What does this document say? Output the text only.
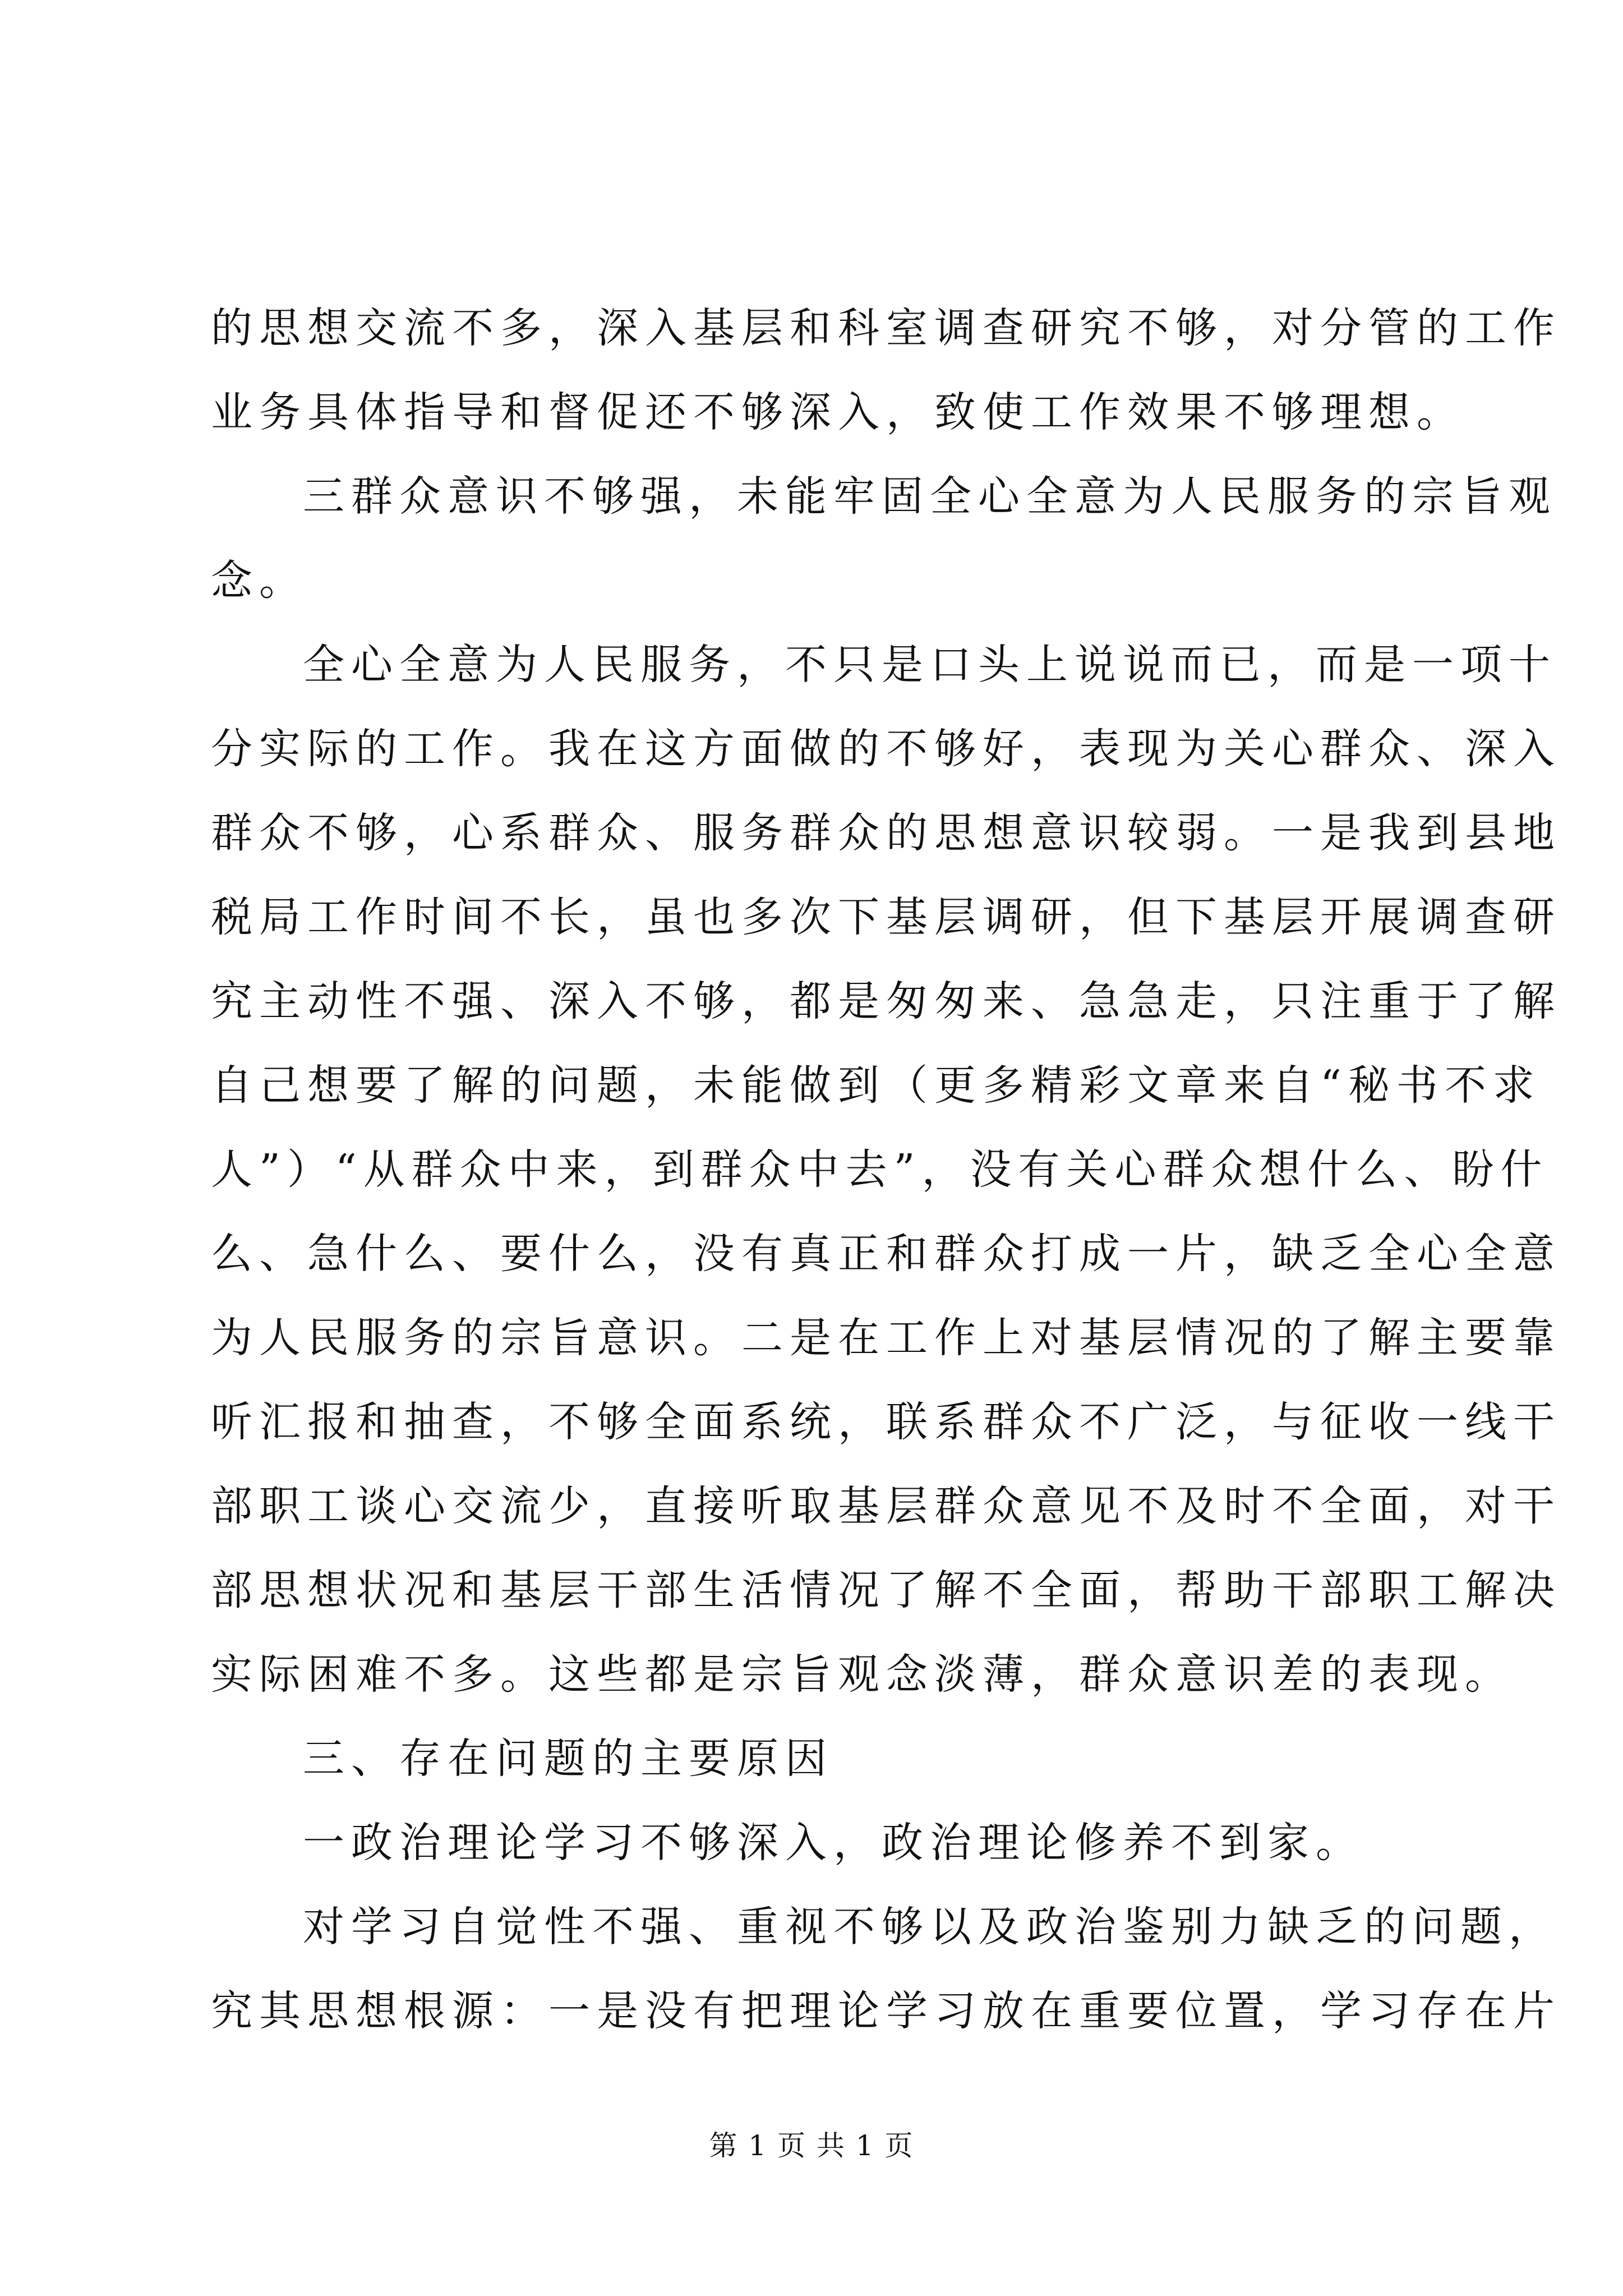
的思想交流不多，深入基层和科室调查研究不够，对分管的工作
业务具体指导和督促还不够深入，致使工作效果不够理想。
三群众意识不够强，未能牢固全心全意为人民服务的宗旨观
念。
全心全意为人民服务，不只是口头上说说而已，而是一项十
分实际的工作。我在这方面做的不够好，表现为关心群众、深入
群众不够，心系群众、服务群众的思想意识较弱。一是我到县地
税局工作时间不长，虽也多次下基层调研，但下基层开展调查研
究主动性不强、深入不够，都是匆匆来、急急走，只注重于了解
自己想要了解的问题，未能做到（更多精彩文章来自“秘书不求
人”）“从群众中来，到群众中去”，没有关心群众想什么、盼什
么、急什么、要什么，没有真正和群众打成一片，缺乏全心全意
为人民服务的宗旨意识。二是在工作上对基层情况的了解主要靠
听汇报和抽查，不够全面系统，联系群众不广泛，与征收一线干
部职工谈心交流少，直接听取基层群众意见不及时不全面，对干
部思想状况和基层干部生活情况了解不全面，帮助干部职工解决
实际困难不多。这些都是宗旨观念淡薄，群众意识差的表现。
三、存在问题的主要原因
一政治理论学习不够深入，政治理论修养不到家。
对学习自觉性不强、重视不够以及政治鉴别力缺乏的问题，
究其思想根源：一是没有把理论学习放在重要位置，学习存在片
第 1 页 共 1 页
